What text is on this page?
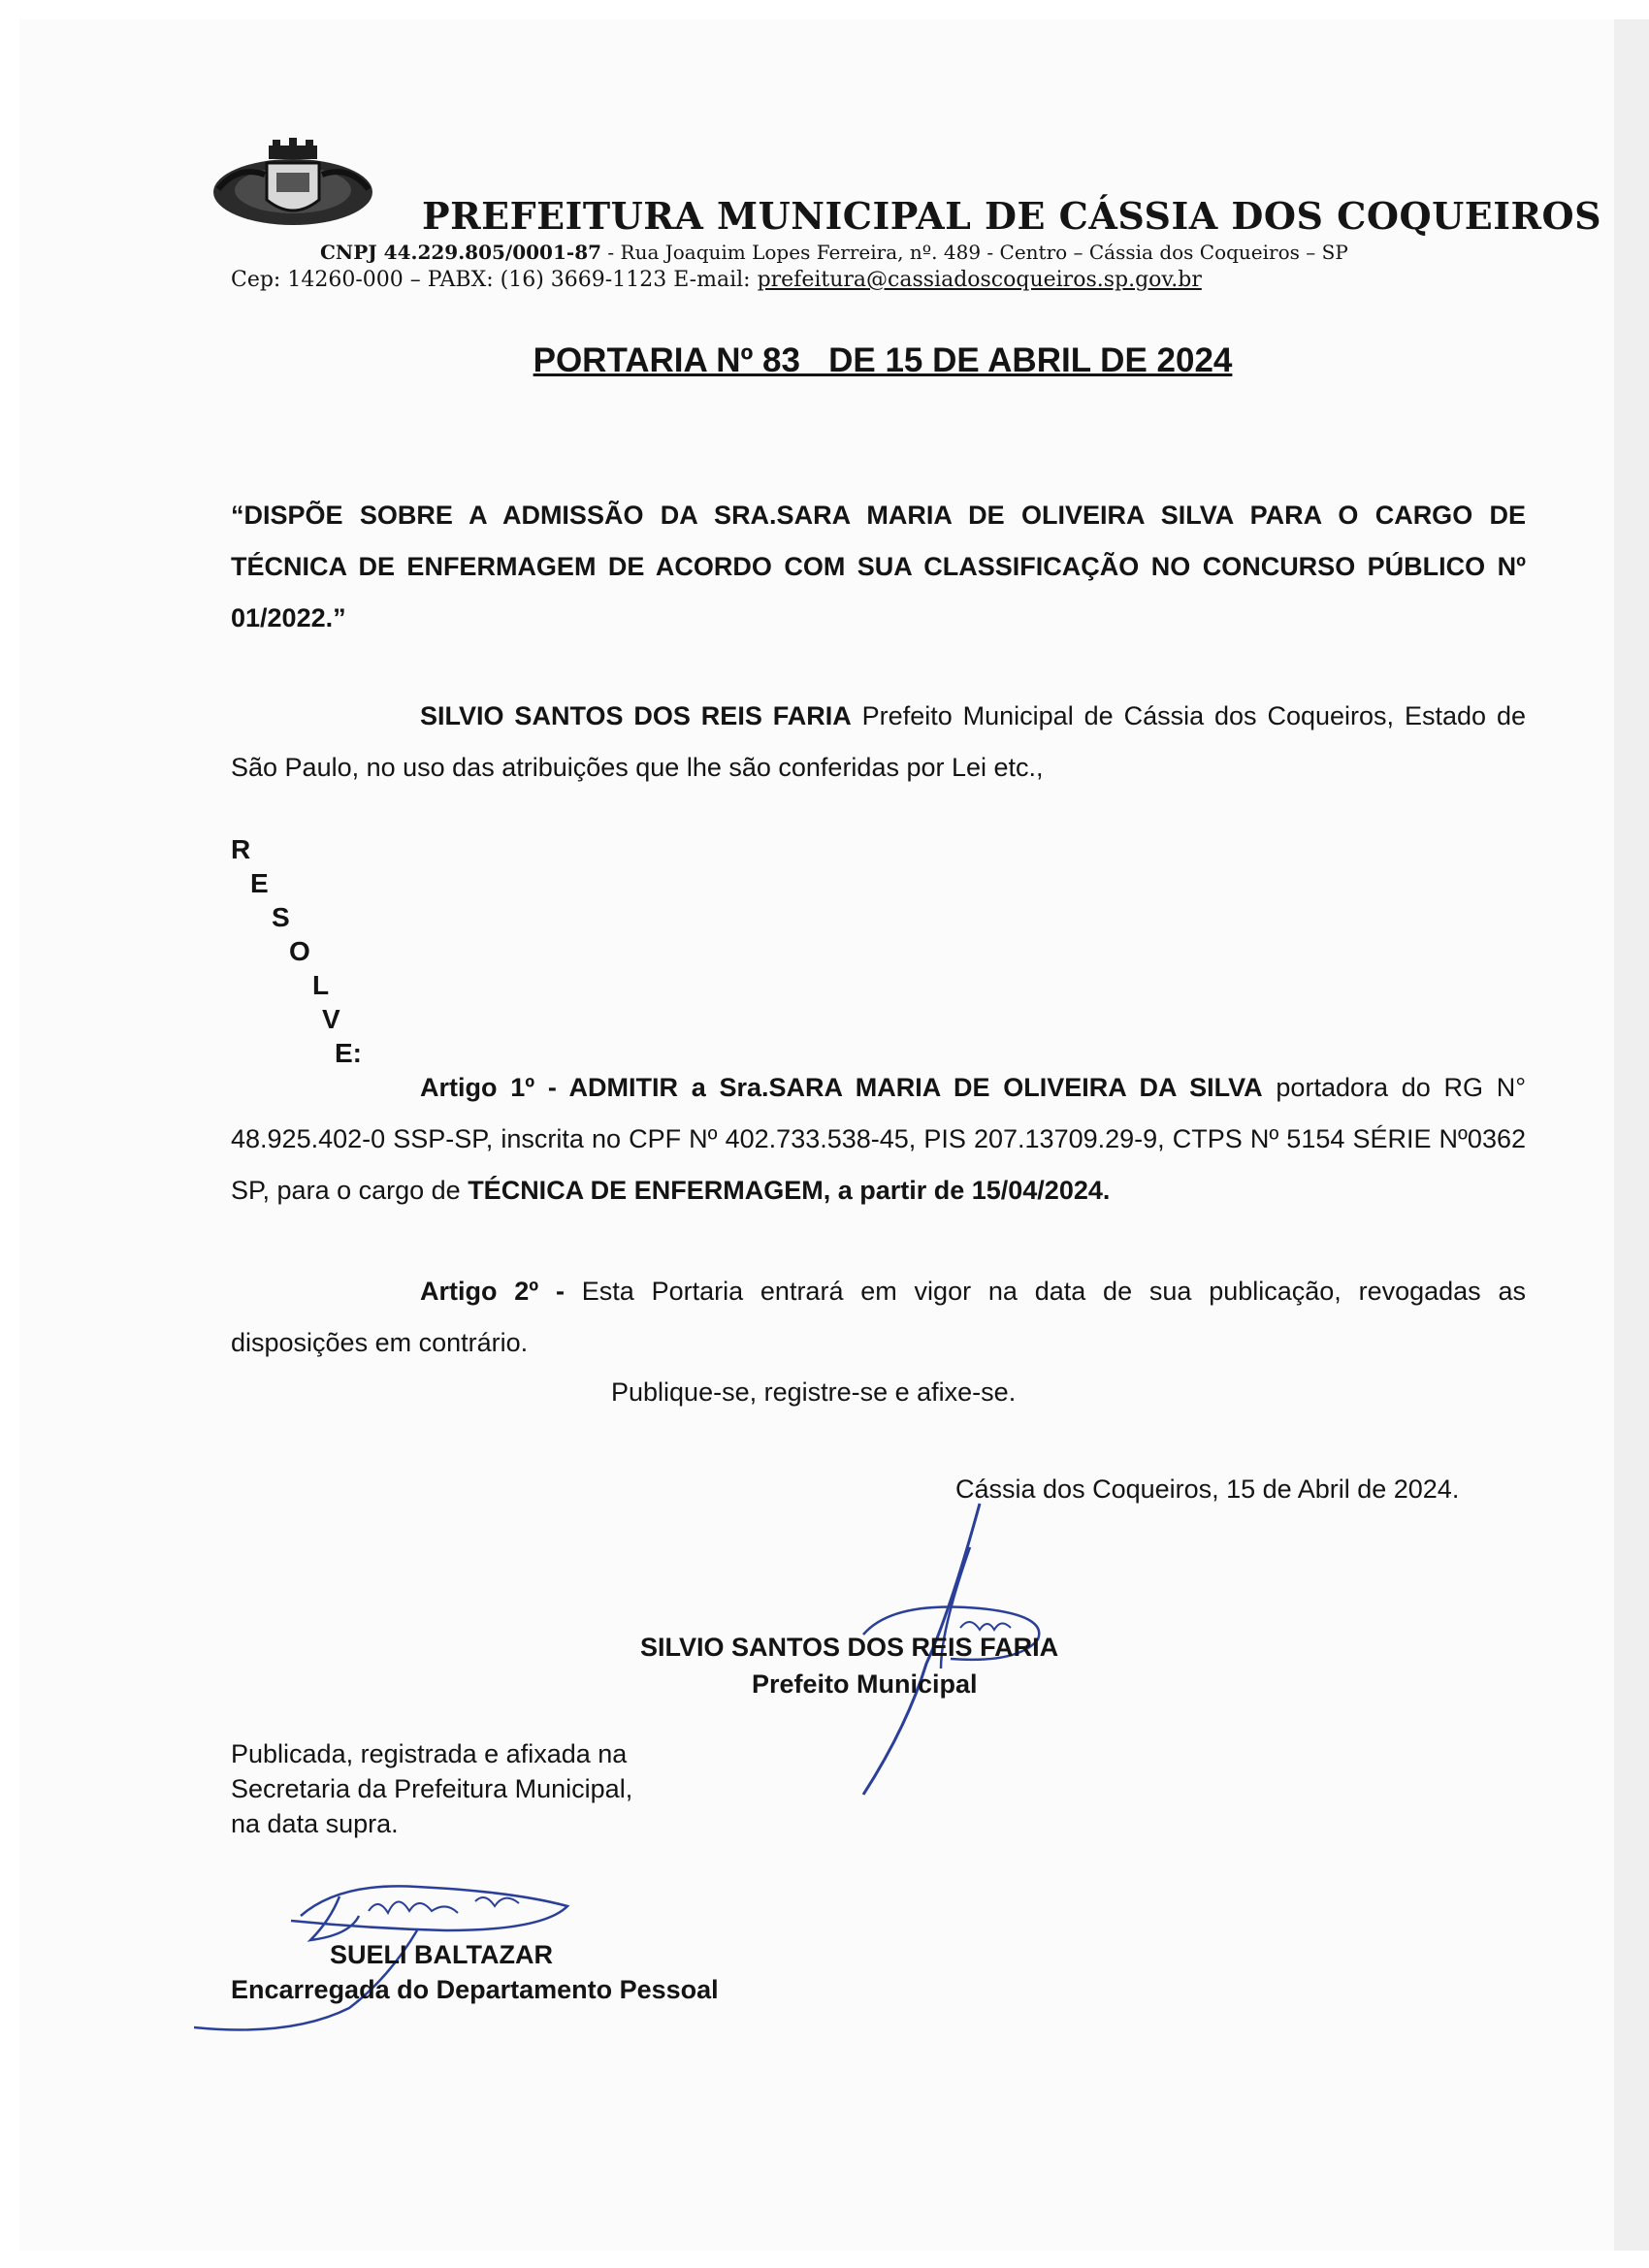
PREFEITURA MUNICIPAL DE CÁSSIA DOS COQUEIROS
CNPJ 44.229.805/0001-87 - Rua Joaquim Lopes Ferreira, nº. 489 - Centro – Cássia dos Coqueiros – SP
Cep: 14260-000 – PABX: (16) 3669-1123 E-mail: prefeitura@cassiadoscoqueiros.sp.gov.br
PORTARIA Nº 83   DE 15 DE ABRIL DE 2024
“DISPÕE SOBRE A ADMISSÃO DA SRA.SARA MARIA DE OLIVEIRA SILVA PARA O CARGO DE TÉCNICA DE ENFERMAGEM DE ACORDO COM SUA CLASSIFICAÇÃO NO CONCURSO PÚBLICO Nº 01/2022.”
SILVIO SANTOS DOS REIS FARIA Prefeito Municipal de Cássia dos Coqueiros, Estado de São Paulo, no uso das atribuições que lhe são conferidas por Lei etc.,
R
E
S
O
L
V
E:
Artigo 1º - ADMITIR a Sra.SARA MARIA DE OLIVEIRA DA SILVA portadora do RG N° 48.925.402-0 SSP-SP, inscrita no CPF Nº 402.733.538-45, PIS 207.13709.29-9, CTPS Nº 5154 SÉRIE Nº0362 SP, para o cargo de TÉCNICA DE ENFERMAGEM, a partir de 15/04/2024.
Artigo 2º - Esta Portaria entrará em vigor na data de sua publicação, revogadas as disposições em contrário.
Publique-se, registre-se e afixe-se.
Cássia dos Coqueiros, 15 de Abril de 2024.
SILVIO SANTOS DOS REIS FARIA
Prefeito Municipal
Publicada, registrada e afixada na
Secretaria da Prefeitura Municipal,
na data supra.
SUELI BALTAZAR
Encarregada do Departamento Pessoal
